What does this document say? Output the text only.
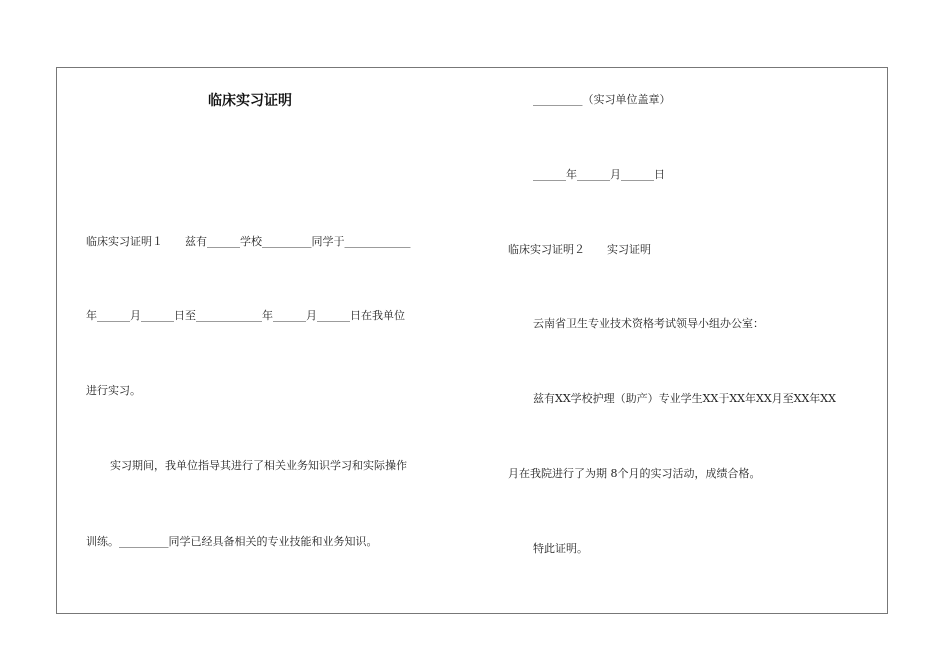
临床实习证明
临床实习证明１　　兹有______学校_________同学于____________
年______月______日至____________年______月______日在我单位
进行实习。
实习期间，我单位指导其进行了相关业务知识学习和实际操作
训练。_________同学已经具备相关的专业技能和业务知识。
_________（实习单位盖章）
______年______月______日
临床实习证明２　　实习证明
云南省卫生专业技术资格考试领导小组办公室：
兹有XX学校护理（助产）专业学生XX于XX年XX月至XX年XX
月在我院进行了为期 8个月的实习活动，成绩合格。
特此证明。
